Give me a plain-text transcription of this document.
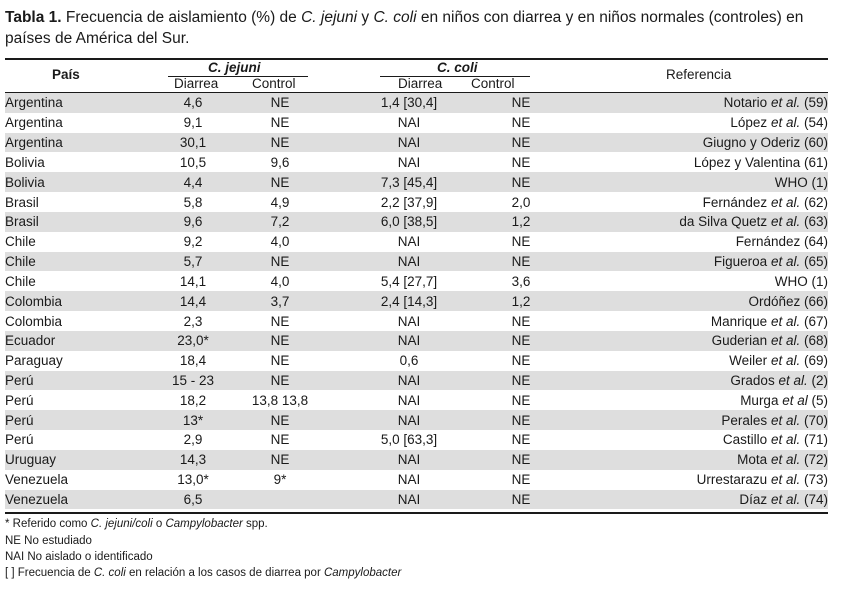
Tabla 1. Frecuencia de aislamiento (%) de C. jejuni y C. coli en niños con diarrea y en niños normales (controles) en países de América del Sur.
País	C. jejuni
Diarrea Control
C. coli
Diarrea Control
Referencia
Argentina	4,6	NE	1,4 [30,4]	NE	Notario et al. (59)
Argentina	9,1	NE	NAI	NE	López et al. (54)
Argentina	30,1	NE	NAI	NE	Giugno y Oderiz (60)
Bolivia	10,5	9,6	NAI	NE	López y Valentina (61)
Bolivia	4,4	NE	7,3 [45,4]	NE	WHO (1)
Brasil	5,8	4,9	2,2 [37,9]	2,0	Fernández et al. (62)
Brasil	9,6	7,2	6,0 [38,5]	1,2	da Silva Quetz et al. (63)
Chile	9,2	4,0	NAI	NE	Fernández (64)
Chile	5,7	NE	NAI	NE	Figueroa et al. (65)
Chile	14,1	4,0	5,4 [27,7]	3,6	WHO (1)
Colombia	14,4	3,7	2,4 [14,3]	1,2	Ordóñez (66)
Colombia	2,3	NE	NAI	NE	Manrique et al. (67)
Ecuador	23,0*	NE	NAI	NE	Guderian et al. (68)
Paraguay	18,4	NE	0,6	NE	Weiler et al. (69)
Perú	15 - 23	NE	NAI	NE	Grados et al. (2)
Perú	18,2	13,8 13,8	NAI	NE	Murga et al (5)
Perú	13*	NE	NAI	NE	Perales et al. (70)
Perú	2,9	NE	5,0 [63,3]	NE	Castillo et al. (71)
Uruguay	14,3	NE	NAI	NE	Mota et al. (72)
Venezuela	13,0*	9*	NAI	NE	Urrestarazu et al. (73)
Venezuela	6,5		NAI	NE	Díaz et al. (74)
* Referido como C. jejuni/coli o Campylobacter spp.
NE No estudiado
NAI No aislado o identificado
[ ] Frecuencia de C. coli en relación a los casos de diarrea por Campylobacter
